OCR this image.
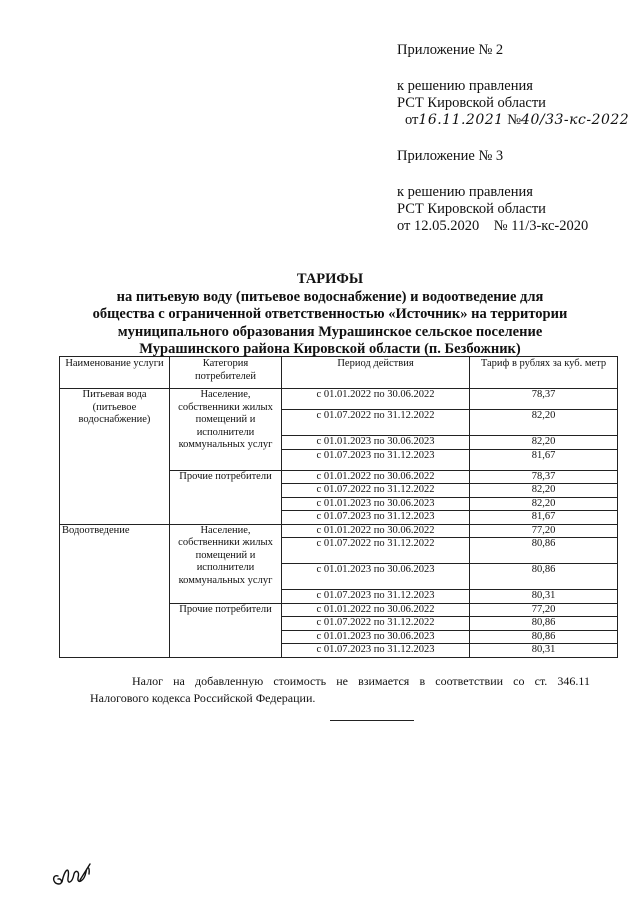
Приложение № 2
к решению правления
РСТ Кировской области
от16.11.2021 №40/33-кс-2022
Приложение № 3
к решению правления
РСТ Кировской области
от 12.05.2020    № 11/3-кс-2020
ТАРИФЫ
на питьевую воду (питьевое водоснабжение) и водоотведение для
общества с ограниченной ответственностью «Источник» на территории
муниципального образования Мурашинское сельское поселение
Мурашинского района Кировской области (п. Безбожник)
Наименование услуги	Категория потребителей	Период действия	Тариф в рублях за куб. метр
Питьевая вода (питьевое водоснабжение)	Население, собственники жилых помещений и исполнители коммунальных услуг	с 01.01.2022 по 30.06.2022	78,37
		с 01.07.2022 по 31.12.2022	82,20
		с 01.01.2023 по 30.06.2023	82,20
		с 01.07.2023 по 31.12.2023	81,67
	Прочие потребители	с 01.01.2022 по 30.06.2022	78,37
		с 01.07.2022 по 31.12.2022	82,20
		с 01.01.2023 по 30.06.2023	82,20
		с 01.07.2023 по 31.12.2023	81,67
Водоотведение	Население, собственники жилых помещений и исполнители коммунальных услуг	с 01.01.2022 по 30.06.2022	77,20
		с 01.07.2022 по 31.12.2022	80,86
		с 01.01.2023 по 30.06.2023	80,86
		с 01.07.2023 по 31.12.2023	80,31
	Прочие потребители	с 01.01.2022 по 30.06.2022	77,20
		с 01.07.2022 по 31.12.2022	80,86
		с 01.01.2023 по 30.06.2023	80,86
		с 01.07.2023 по 31.12.2023	80,31
Налог на добавленную стоимость не взимается в соответствии со ст. 346.11
Налогового кодекса Российской Федерации.
